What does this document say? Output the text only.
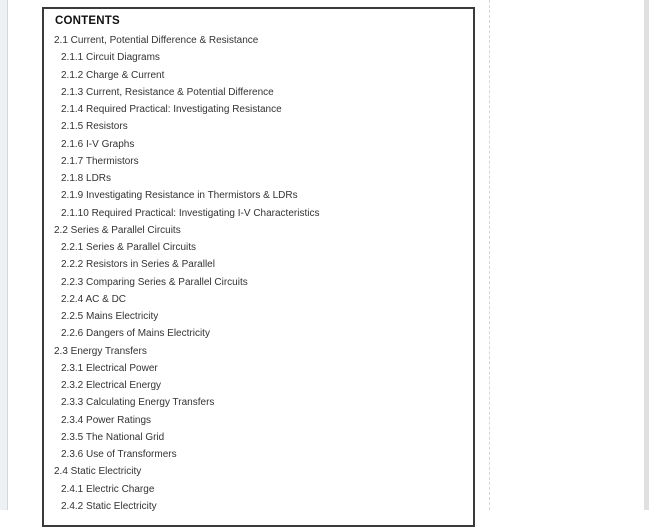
CONTENTS
2.1 Current, Potential Difference & Resistance
2.1.1 Circuit Diagrams
2.1.2 Charge & Current
2.1.3 Current, Resistance & Potential Difference
2.1.4 Required Practical: Investigating Resistance
2.1.5 Resistors
2.1.6 I-V Graphs
2.1.7 Thermistors
2.1.8 LDRs
2.1.9 Investigating Resistance in Thermistors & LDRs
2.1.10 Required Practical: Investigating I-V Characteristics
2.2 Series & Parallel Circuits
2.2.1 Series & Parallel Circuits
2.2.2 Resistors in Series & Parallel
2.2.3 Comparing Series & Parallel Circuits
2.2.4 AC & DC
2.2.5 Mains Electricity
2.2.6 Dangers of Mains Electricity
2.3 Energy Transfers
2.3.1 Electrical Power
2.3.2 Electrical Energy
2.3.3 Calculating Energy Transfers
2.3.4 Power Ratings
2.3.5 The National Grid
2.3.6 Use of Transformers
2.4 Static Electricity
2.4.1 Electric Charge
2.4.2 Static Electricity
